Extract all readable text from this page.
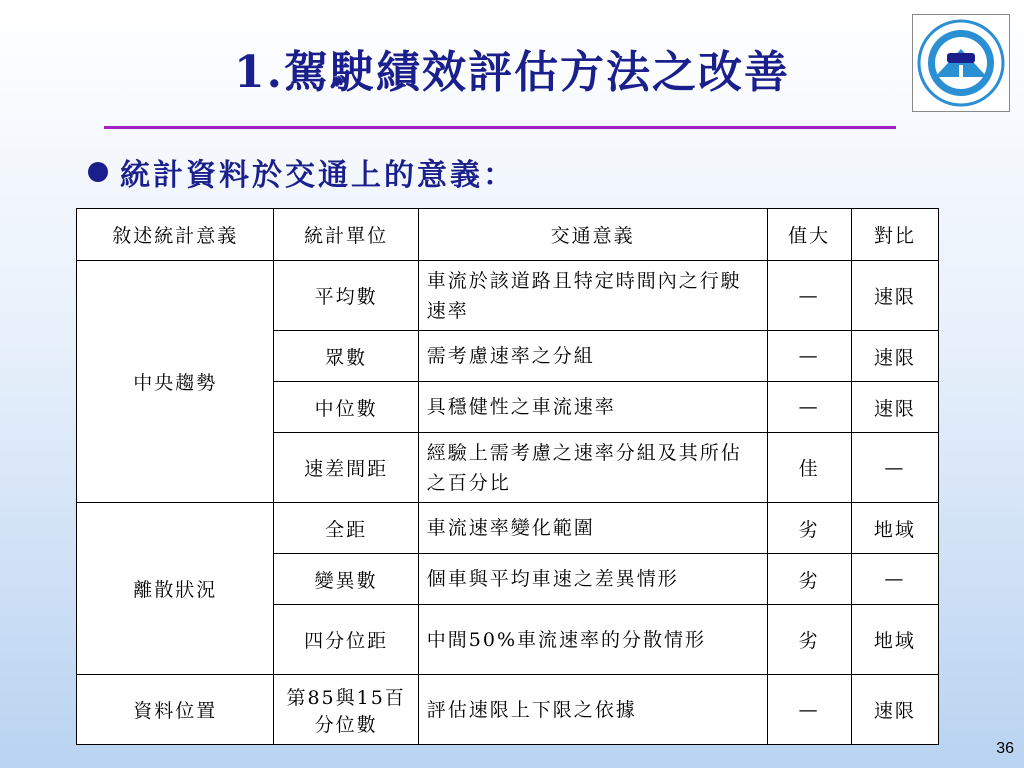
1.駕駛績效評估方法之改善
統計資料於交通上的意義：
敘述統計意義	統計單位	交通意義	值大	對比
中央趨勢	平均數	車流於該道路且特定時間內之行駛速率	—	速限
	眾數	需考慮速率之分組	—	速限
	中位數	具穩健性之車流速率	—	速限
	速差間距	經驗上需考慮之速率分組及其所佔之百分比	佳	—
離散狀況	全距	車流速率變化範圍	劣	地域
	變異數	個車與平均車速之差異情形	劣	—
	四分位距	中間50%車流速率的分散情形	劣	地域
資料位置	第85與15百分位數	評估速限上下限之依據	—	速限
36
